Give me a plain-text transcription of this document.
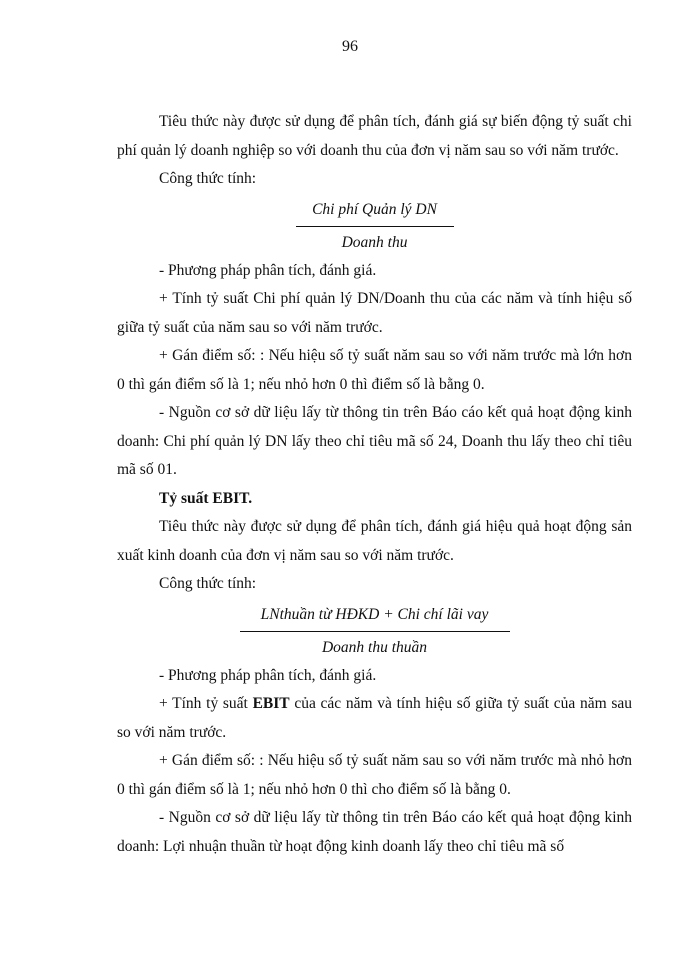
96

Tiêu thức này được sử dụng để phân tích, đánh giá sự biến động tỷ suất chi phí quản lý doanh nghiệp so với doanh thu của đơn vị năm sau so với năm trước.

Công thức tính:

$\frac{\text{Chi phí Quản lý DN}}{\text{Doanh thu}}$

- Phương pháp phân tích, đánh giá.

+ Tính tỷ suất Chi phí quản lý DN/Doanh thu của các năm và tính hiệu số giữa tỷ suất của năm sau so với năm trước.

+ Gán điểm số: : Nếu hiệu số tỷ suất năm sau so với năm trước mà lớn hơn 0 thì gán điểm số là 1; nếu nhỏ hơn 0 thì điểm số là bằng 0.

- Nguồn cơ sở dữ liệu lấy từ thông tin trên Báo cáo kết quả hoạt động kinh doanh: Chi phí quản lý DN lấy theo chỉ tiêu mã số 24, Doanh thu lấy theo chỉ tiêu mã số 01.

Tỷ suất EBIT.

Tiêu thức này được sử dụng để phân tích, đánh giá hiệu quả hoạt động sản xuất kinh doanh của đơn vị năm sau so với năm trước.

Công thức tính:

$\frac{\text{LNthuần từ HĐKD + Chi chí lãi vay}}{\text{Doanh thu thuần}}$

- Phương pháp phân tích, đánh giá.

+ Tính tỷ suất EBIT của các năm và tính hiệu số giữa tỷ suất của năm sau so với năm trước.

+ Gán điểm số: : Nếu hiệu số tỷ suất năm sau so với năm trước mà nhỏ hơn 0 thì gán điểm số là 1; nếu nhỏ hơn 0 thì cho điểm số là bằng 0.

- Nguồn cơ sở dữ liệu lấy từ thông tin trên Báo cáo kết quả hoạt động kinh doanh: Lợi nhuận thuần từ hoạt động kinh doanh lấy theo chỉ tiêu mã số
